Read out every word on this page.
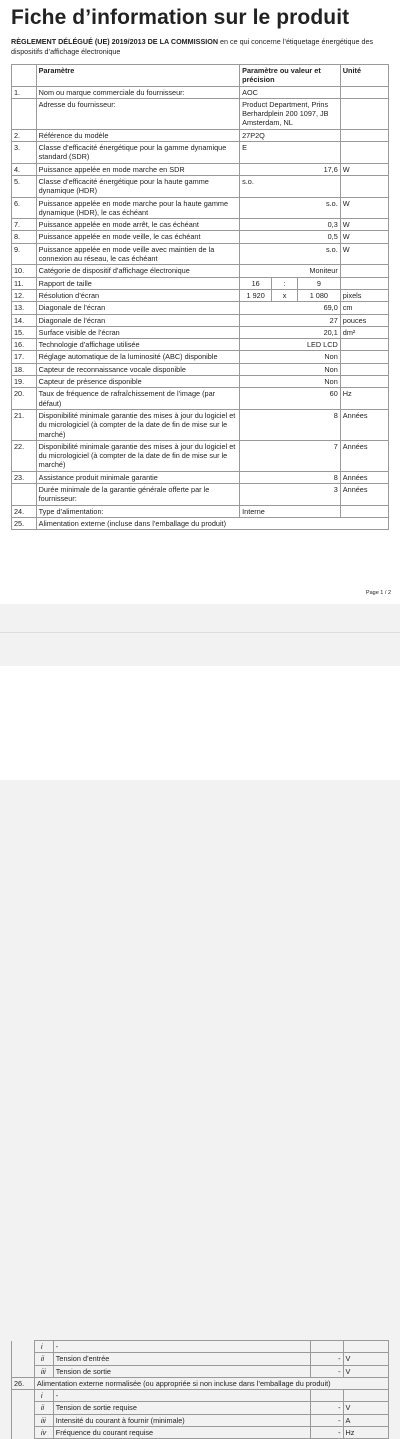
Fiche d’information sur le produit
RÈGLEMENT DÉLÉGUÉ (UE) 2019/2013 DE LA COMMISSION en ce qui concerne l’étiquetage énergétique des dispositifs d’affichage électronique
	Paramètre	Paramètre ou valeur et précision			Unité
1.	Nom ou marque commerciale du fournisseur:	AOC			
	Adresse du fournisseur:	Product Department, Prins Berhardplein 200 1097, JB Amsterdam, NL			
2.	Référence du modèle	27P2Q			
3.	Classe d’efficacité énergétique pour la gamme dynamique standard (SDR)	E			
4.	Puissance appelée en mode marche en SDR	17,6			W
5.	Classe d’efficacité énergétique pour la haute gamme dynamique (HDR)	s.o.			
6.	Puissance appelée en mode marche pour la haute gamme dynamique (HDR), le cas échéant	s.o.			W
7.	Puissance appelée en mode arrêt, le cas échéant	0,3			W
8.	Puissance appelée en mode veille, le cas échéant	0,5			W
9.	Puissance appelée en mode veille avec maintien de la connexion au réseau, le cas échéant	s.o.			W
10.	Catégorie de dispositif d’affichage électronique	Moniteur			
11.	Rapport de taille	16	:	9	
12.	Résolution d’écran	1 920	x	1 080	pixels
13.	Diagonale de l’écran	69,0			cm
14.	Diagonale de l’écran	27			pouces
15.	Surface visible de l’écran	20,1			dm²
16.	Technologie d’affichage utilisée	LED LCD			
17.	Réglage automatique de la luminosité (ABC) disponible	Non			
18.	Capteur de reconnaissance vocale disponible	Non			
19.	Capteur de présence disponible	Non			
20.	Taux de fréquence de rafraîchissement de l’image (par défaut)	60			Hz
21.	Disponibilité minimale garantie des mises à jour du logiciel et du micrologiciel (à compter de la date de fin de mise sur le marché)	8			Années
22.	Disponibilité minimale garantie des mises à jour du logiciel et du micrologiciel (à compter de la date de fin de mise sur le marché)	7			Années
23.	Assistance produit minimale garantie	8			Années
	Durée minimale de la garantie générale offerte par le fournisseur:	3			Années
24.	Type d’alimentation:	Interne			
25.	Alimentation externe (incluse dans l’emballage du produit)				
Page 1 / 2
	i	-		
	ii	Tension d’entrée	-	V
	iii	Tension de sortie	-	V
26.	Alimentation externe normalisée (ou appropriée si non incluse dans l’emballage du produit)			
	i	-		
	ii	Tension de sortie requise	-	V
	iii	Intensité du courant à fournir (minimale)	-	A
	iv	Fréquence du courant requise	-	Hz
